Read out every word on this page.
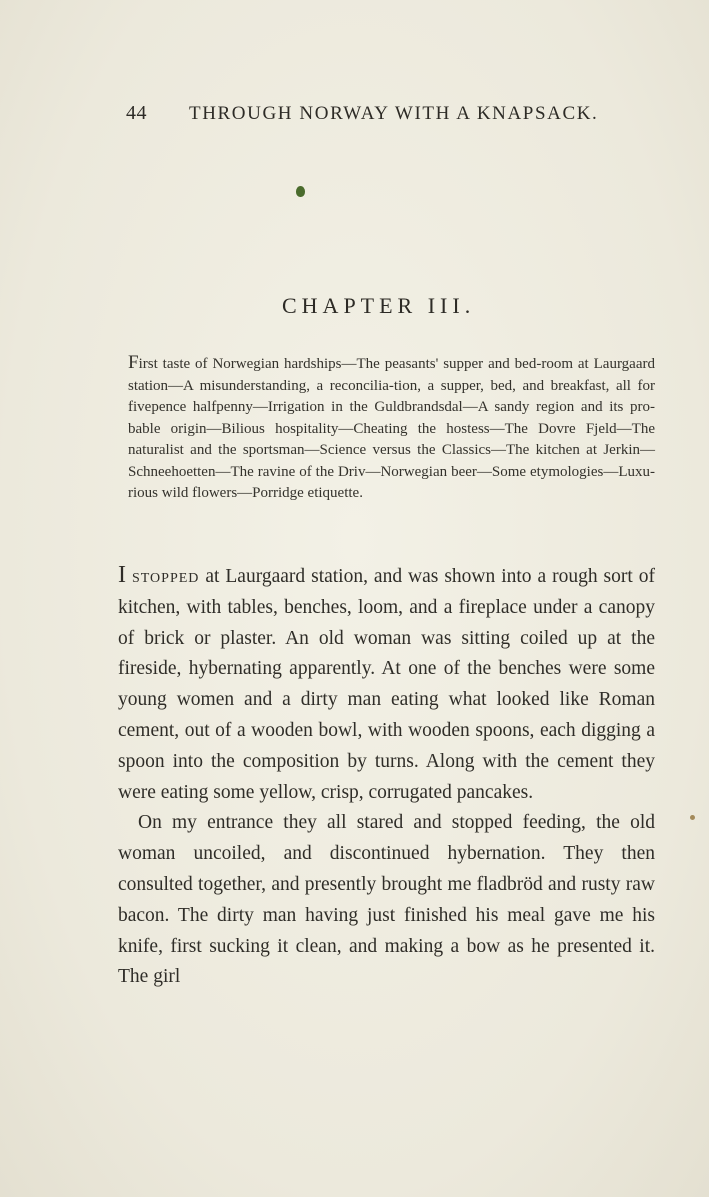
44 THROUGH NORWAY WITH A KNAPSACK.
CHAPTER III.

First taste of Norwegian hardships—The peasants' supper and bed-room at Laurgaard station—A misunderstanding, a reconcilia-tion, a supper, bed, and breakfast, all for fivepence halfpenny—Irrigation in the Guldbrandsdal—A sandy region and its pro-bable origin—Bilious hospitality—Cheating the hostess—The Dovre Fjeld—The naturalist and the sportsman—Science versus the Classics—The kitchen at Jerkin—Schneehoetten—The ravine of the Driv—Norwegian beer—Some etymologies—Luxu-rious wild flowers—Porridge etiquette.

I stopped at Laurgaard station, and was shown into a rough sort of kitchen, with tables, benches, loom, and a fireplace under a canopy of brick or plaster. An old woman was sitting coiled up at the fireside, hybernating apparently. At one of the benches were some young women and a dirty man eating what looked like Roman cement, out of a wooden bowl, with wooden spoons, each digging a spoon into the composition by turns. Along with the cement they were eating some yellow, crisp, corrugated pancakes.

On my entrance they all stared and stopped feeding, the old woman uncoiled, and discontinued hybernation. They then consulted together, and presently brought me fladbröd and rusty raw bacon. The dirty man having just finished his meal gave me his knife, first sucking it clean, and making a bow as he presented it. The girl
